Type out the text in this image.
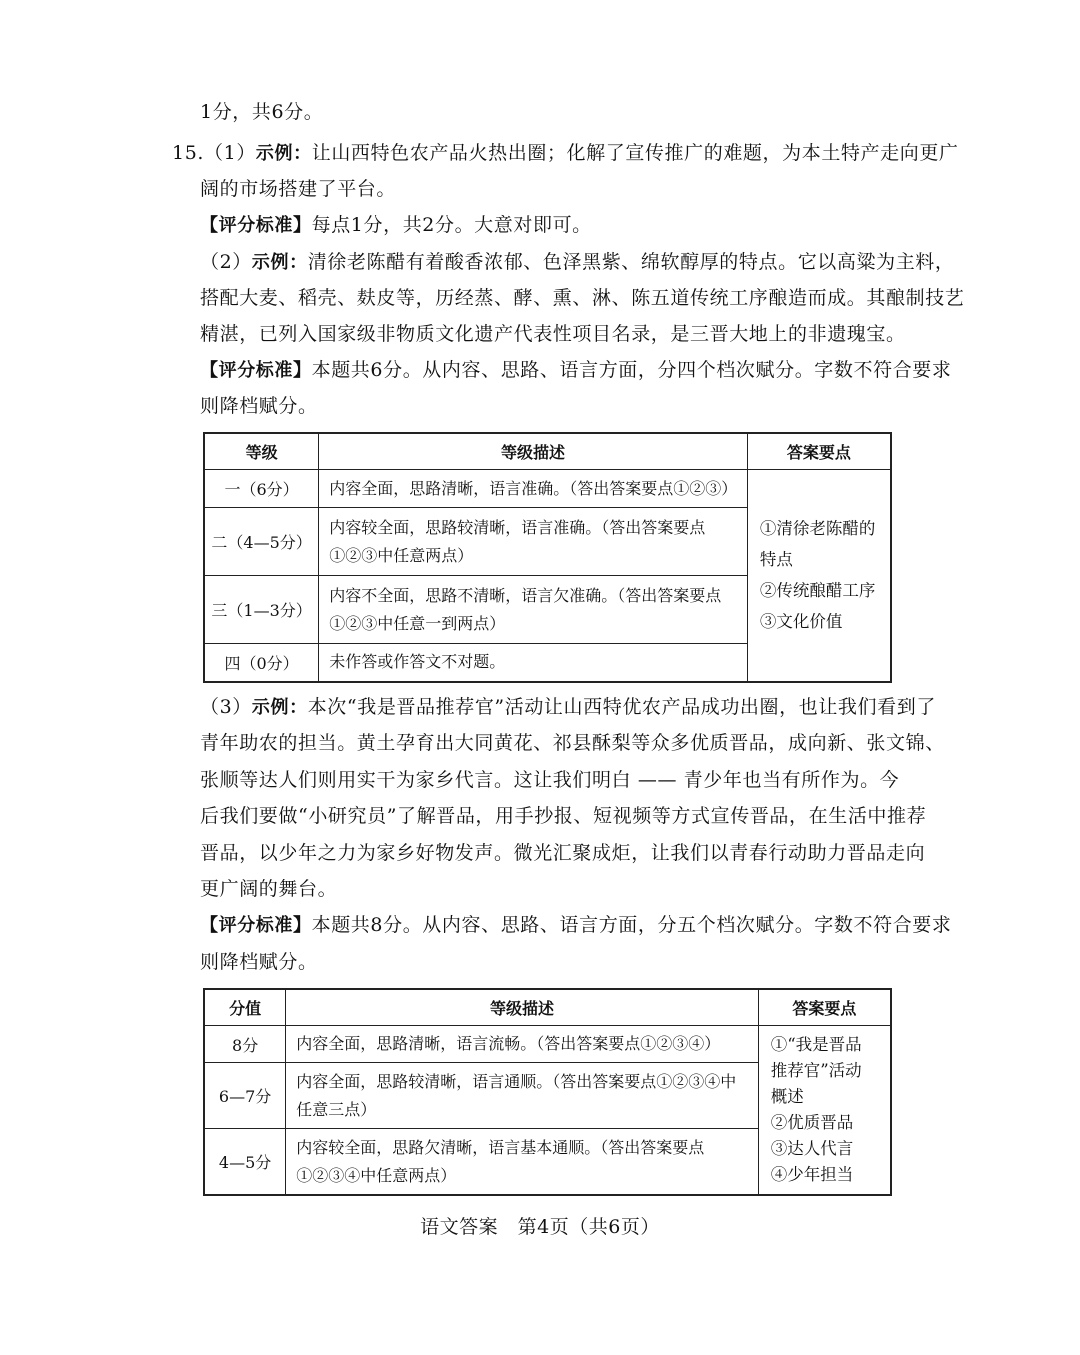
1分，共6分。
15.（1）示例：让山西特色农产品火热出圈；化解了宣传推广的难题，为本土特产走向更广
阔的市场搭建了平台。
【评分标准】每点1分，共2分。大意对即可。
（2）示例：清徐老陈醋有着酸香浓郁、色泽黑紫、绵软醇厚的特点。它以高粱为主料，
搭配大麦、稻壳、麸皮等，历经蒸、酵、熏、淋、陈五道传统工序酿造而成。其酿制技艺
精湛，已列入国家级非物质文化遗产代表性项目名录，是三晋大地上的非遗瑰宝。
【评分标准】本题共6分。从内容、思路、语言方面，分四个档次赋分。字数不符合要求
则降档赋分。
等级	等级描述	答案要点
一（6分）	内容全面，思路清晰，语言准确。（答出答案要点①②③）	①清徐老陈醋的特点
②传统酿醋工序
③文化价值

二（4—5分）	内容较全面，思路较清晰，语言准确。（答出答案要点①②③中任意两点）	
三（1—3分）	内容不全面，思路不清晰，语言欠准确。（答出答案要点①②③中任意一到两点）	
四（0分）	未作答或作答文不对题。	
（3）示例：本次“我是晋品推荐官”活动让山西特优农产品成功出圈，也让我们看到了
青年助农的担当。黄土孕育出大同黄花、祁县酥梨等众多优质晋品，成向新、张文锦、
张顺等达人们则用实干为家乡代言。这让我们明白 —— 青少年也当有所作为。今
后我们要做“小研究员”了解晋品，用手抄报、短视频等方式宣传晋品，在生活中推荐
晋品，以少年之力为家乡好物发声。微光汇聚成炬，让我们以青春行动助力晋品走向
更广阔的舞台。
【评分标准】本题共8分。从内容、思路、语言方面，分五个档次赋分。字数不符合要求
则降档赋分。
分值	等级描述	答案要点
8分	内容全面，思路清晰，语言流畅。（答出答案要点①②③④）	①“我是晋品推荐官”活动概述
②优质晋品
③达人代言
④少年担当

6—7分	内容全面，思路较清晰，语言通顺。（答出答案要点①②③④中任意三点）	
4—5分	内容较全面，思路欠清晰，语言基本通顺。（答出答案要点①②③④中任意两点）	
语文答案　第4页（共6页）
